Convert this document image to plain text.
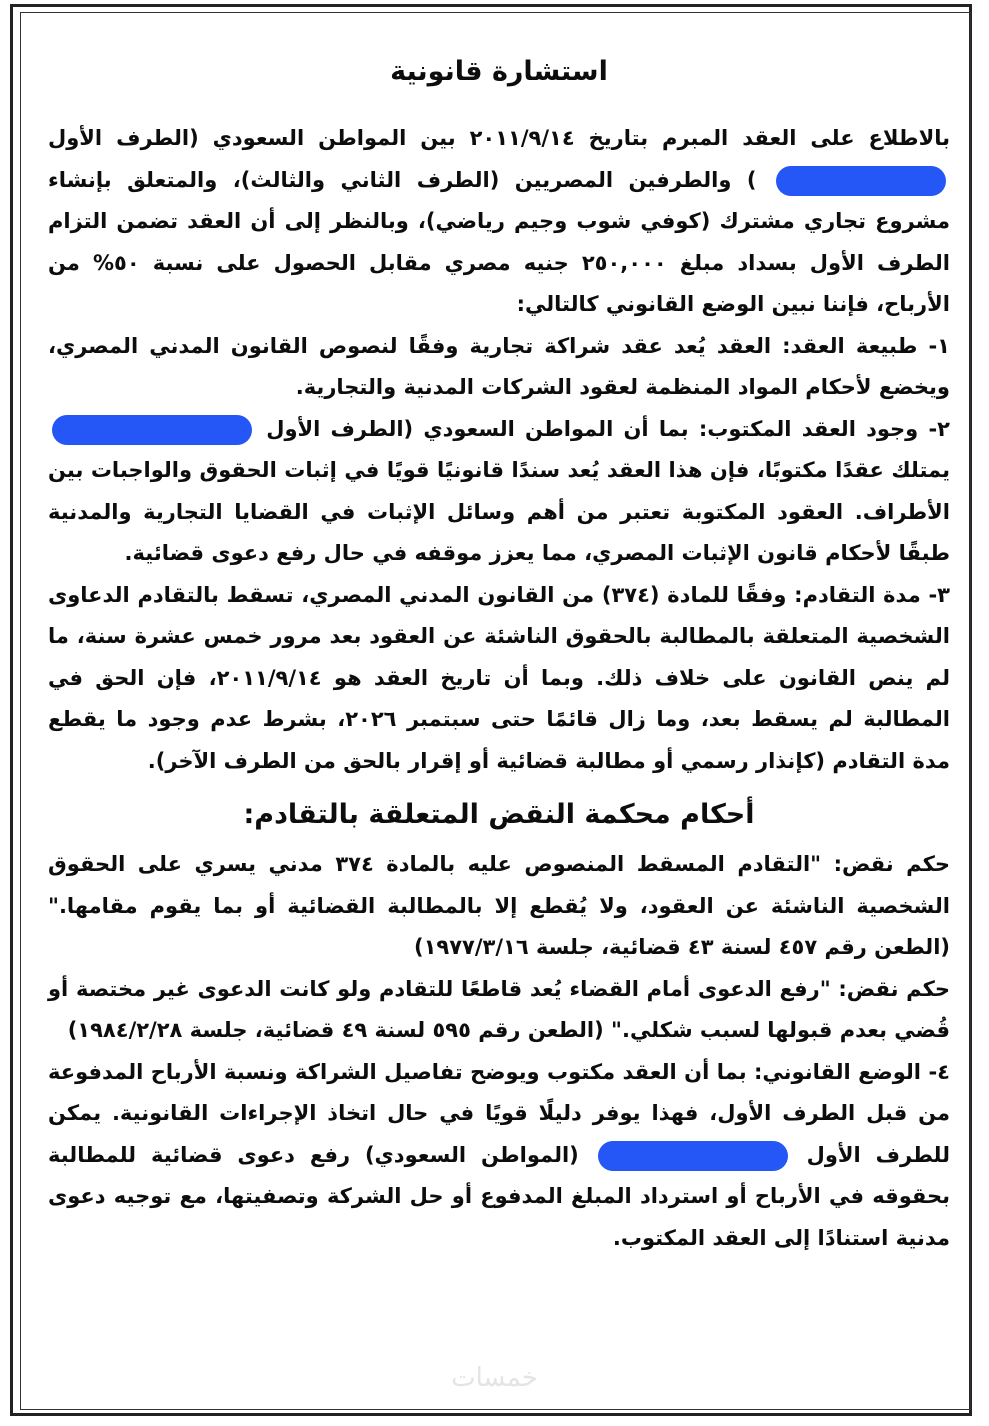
استشارة قانونية

بالاطلاع على العقد المبرم بتاريخ ٢٠١١/٩/١٤ بين المواطن السعودي (الطرف الأول  ) والطرفين المصريين (الطرف الثاني والثالث)، والمتعلق بإنشاء مشروع تجاري مشترك (كوفي شوب وجيم رياضي)، وبالنظر إلى أن العقد تضمن التزام الطرف الأول بسداد مبلغ ٢٥٠,٠٠٠ جنيه مصري مقابل الحصول على نسبة ٥٠% من الأرباح، فإننا نبين الوضع القانوني كالتالي:

١- طبيعة العقد: العقد يُعد عقد شراكة تجارية وفقًا لنصوص القانون المدني المصري، ويخضع لأحكام المواد المنظمة لعقود الشركات المدنية والتجارية.

٢- وجود العقد المكتوب: بما أن المواطن السعودي (الطرف الأول  يمتلك عقدًا مكتوبًا، فإن هذا العقد يُعد سندًا قانونيًا قويًا في إثبات الحقوق والواجبات بين الأطراف. العقود المكتوبة تعتبر من أهم وسائل الإثبات في القضايا التجارية والمدنية طبقًا لأحكام قانون الإثبات المصري، مما يعزز موقفه في حال رفع دعوى قضائية.

٣- مدة التقادم: وفقًا للمادة (٣٧٤) من القانون المدني المصري، تسقط بالتقادم الدعاوى الشخصية المتعلقة بالمطالبة بالحقوق الناشئة عن العقود بعد مرور خمس عشرة سنة، ما لم ينص القانون على خلاف ذلك. وبما أن تاريخ العقد هو ٢٠١١/٩/١٤، فإن الحق في المطالبة لم يسقط بعد، وما زال قائمًا حتى سبتمبر ٢٠٢٦، بشرط عدم وجود ما يقطع مدة التقادم (كإنذار رسمي أو مطالبة قضائية أو إقرار بالحق من الطرف الآخر).

أحكام محكمة النقض المتعلقة بالتقادم:

حكم نقض: "التقادم المسقط المنصوص عليه بالمادة ٣٧٤ مدني يسري على الحقوق الشخصية الناشئة عن العقود، ولا يُقطع إلا بالمطالبة القضائية أو بما يقوم مقامها." (الطعن رقم ٤٥٧ لسنة ٤٣ قضائية، جلسة ١٩٧٧/٣/١٦)

حكم نقض: "رفع الدعوى أمام القضاء يُعد قاطعًا للتقادم ولو كانت الدعوى غير مختصة أو قُضي بعدم قبولها لسبب شكلي." (الطعن رقم ٥٩٥ لسنة ٤٩ قضائية، جلسة ١٩٨٤/٢/٢٨)

٤- الوضع القانوني: بما أن العقد مكتوب ويوضح تفاصيل الشراكة ونسبة الأرباح المدفوعة من قبل الطرف الأول، فهذا يوفر دليلًا قويًا في حال اتخاذ الإجراءات القانونية. يمكن للطرف الأول  (المواطن السعودي) رفع دعوى قضائية للمطالبة بحقوقه في الأرباح أو استرداد المبلغ المدفوع أو حل الشركة وتصفيتها، مع توجيه دعوى مدنية استنادًا إلى العقد المكتوب.

خمسات
